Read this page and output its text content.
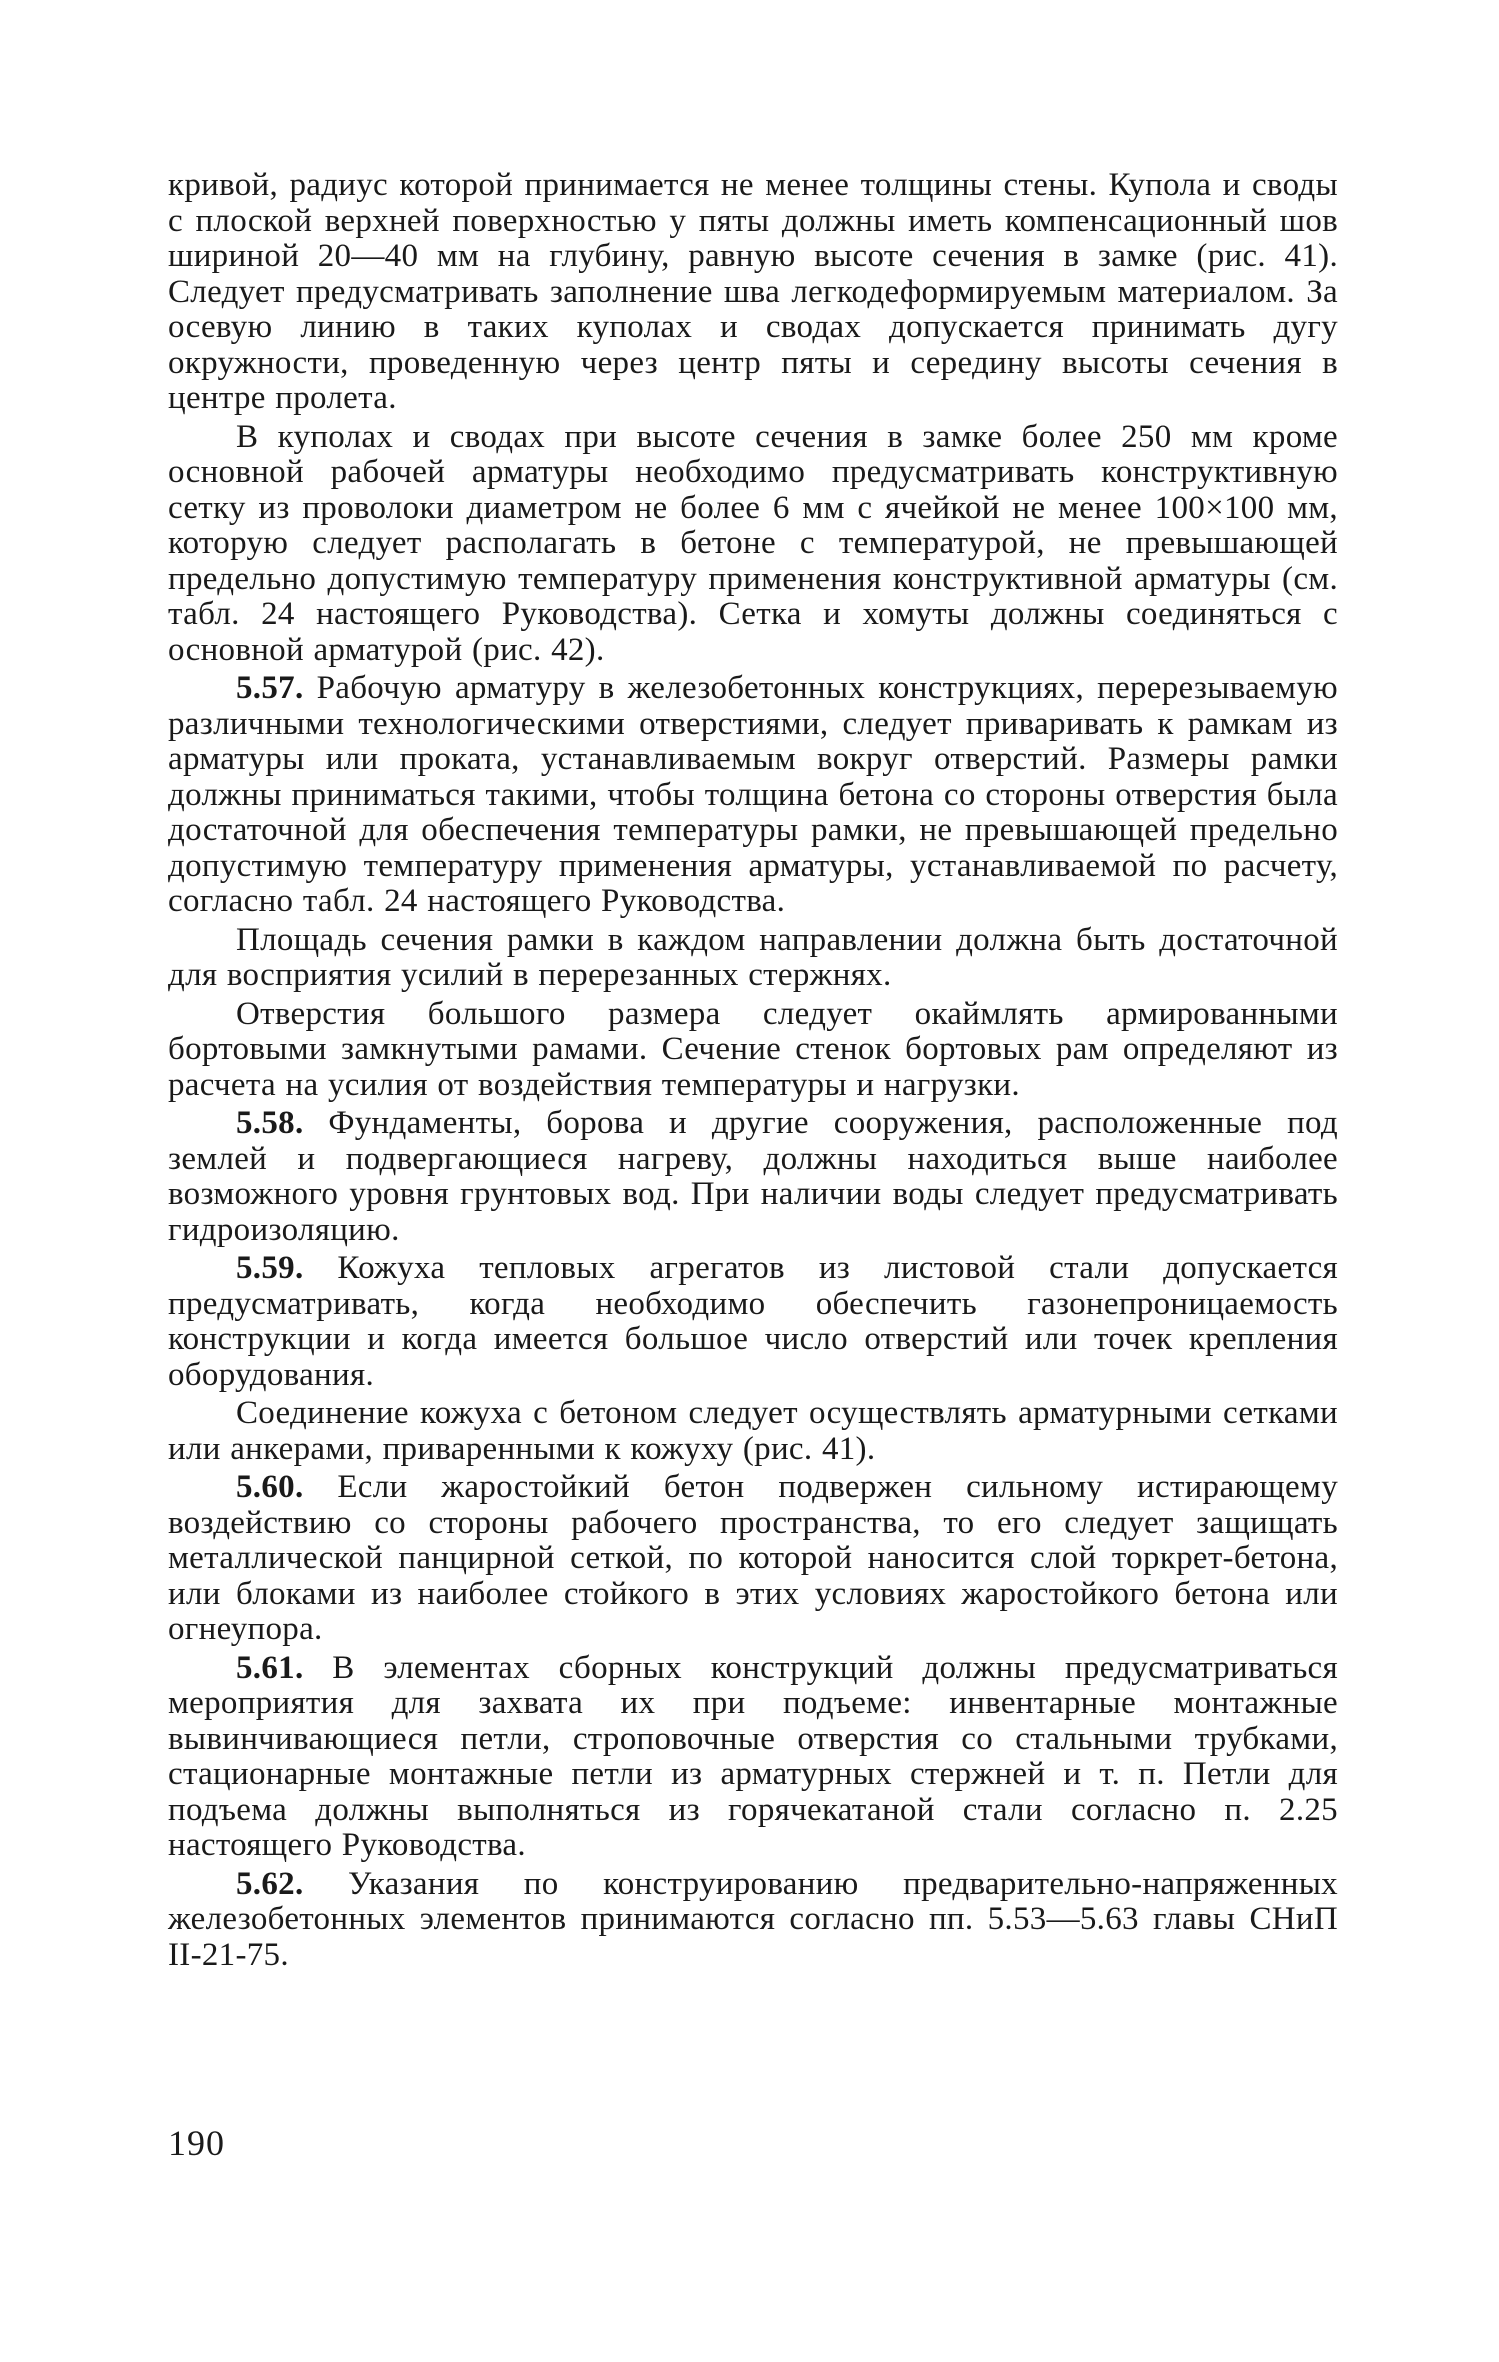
кривой, радиус которой принимается не менее толщины стены. Купола и своды с плоской верхней поверхностью у пяты должны иметь компенсационный шов шириной 20—40 мм на глубину, равную высоте сечения в замке (рис. 41). Следует предусматривать заполнение шва легкодеформируемым материалом. За осевую линию в таких куполах и сводах допускается принимать дугу окружности, проведенную через центр пяты и середину высоты сечения в центре пролета.

В куполах и сводах при высоте сечения в замке более 250 мм кроме основной рабочей арматуры необходимо предусматривать конструктивную сетку из проволоки диаметром не более 6 мм с ячейкой не менее 100×100 мм, которую следует располагать в бетоне с температурой, не превышающей предельно допустимую температуру применения конструктивной арматуры (см. табл. 24 настоящего Руководства). Сетка и хомуты должны соединяться с основной арматурой (рис. 42).

5.57. Рабочую арматуру в железобетонных конструкциях, перерезываемую различными технологическими отверстиями, следует приваривать к рамкам из арматуры или проката, устанавливаемым вокруг отверстий. Размеры рамки должны приниматься такими, чтобы толщина бетона со стороны отверстия была достаточной для обеспечения температуры рамки, не превышающей предельно допустимую температуру применения арматуры, устанавливаемой по расчету, согласно табл. 24 настоящего Руководства.

Площадь сечения рамки в каждом направлении должна быть достаточной для восприятия усилий в перерезанных стержнях.

Отверстия большого размера следует окаймлять армированными бортовыми замкнутыми рамами. Сечение стенок бортовых рам определяют из расчета на усилия от воздействия температуры и нагрузки.

5.58. Фундаменты, борова и другие сооружения, расположенные под землей и подвергающиеся нагреву, должны находиться выше наиболее возможного уровня грунтовых вод. При наличии воды следует предусматривать гидроизоляцию.

5.59. Кожуха тепловых агрегатов из листовой стали допускается предусматривать, когда необходимо обеспечить газонепроницаемость конструкции и когда имеется большое число отверстий или точек крепления оборудования.

Соединение кожуха с бетоном следует осуществлять арматурными сетками или анкерами, приваренными к кожуху (рис. 41).

5.60. Если жаростойкий бетон подвержен сильному истирающему воздействию со стороны рабочего пространства, то его следует защищать металлической панцирной сеткой, по которой наносится слой торкрет-бетона, или блоками из наиболее стойкого в этих условиях жаростойкого бетона или огнеупора.

5.61. В элементах сборных конструкций должны предусматриваться мероприятия для захвата их при подъеме: инвентарные монтажные вывинчивающиеся петли, строповочные отверстия со стальными трубками, стационарные монтажные петли из арматурных стержней и т. п. Петли для подъема должны выполняться из горячекатаной стали согласно п. 2.25 настоящего Руководства.

5.62. Указания по конструированию предварительно-напряженных железобетонных элементов принимаются согласно пп. 5.53—5.63 главы СНиП II-21-75.

190
